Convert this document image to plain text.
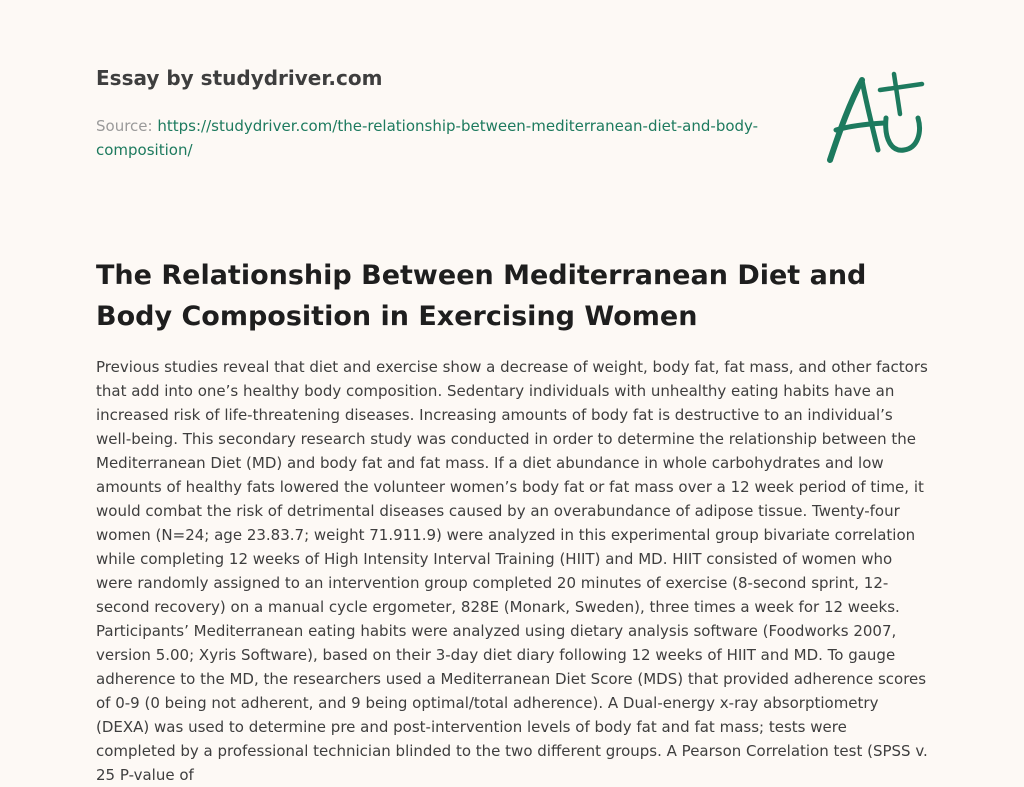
Essay by studydriver.com
Source: https://studydriver.com/the-relationship-between-mediterranean-diet-and-body-composition/
The Relationship Between Mediterranean Diet and Body Composition in Exercising Women

Previous studies reveal that diet and exercise show a decrease of weight, body fat, fat mass, and other factors that add into one’s healthy body composition. Sedentary individuals with unhealthy eating habits have an increased risk of life-threatening diseases. Increasing amounts of body fat is destructive to an individual’s well-being. This secondary research study was conducted in order to determine the relationship between the Mediterranean Diet (MD) and body fat and fat mass. If a diet abundance in whole carbohydrates and low amounts of healthy fats lowered the volunteer women’s body fat or fat mass over a 12 week period of time, it would combat the risk of detrimental diseases caused by an overabundance of adipose tissue. Twenty-four women (N=24; age 23.83.7; weight 71.911.9) were analyzed in this experimental group bivariate correlation while completing 12 weeks of High Intensity Interval Training (HIIT) and MD. HIIT consisted of women who were randomly assigned to an intervention group completed 20 minutes of exercise (8-second sprint, 12-second recovery) on a manual cycle ergometer, 828E (Monark, Sweden), three times a week for 12 weeks. Participants’ Mediterranean eating habits were analyzed using dietary analysis software (Foodworks 2007, version 5.00; Xyris Software), based on their 3-day diet diary following 12 weeks of HIIT and MD. To gauge adherence to the MD, the researchers used a Mediterranean Diet Score (MDS) that provided adherence scores of 0-9 (0 being not adherent, and 9 being optimal/total adherence). A Dual-energy x-ray absorptiometry (DEXA) was used to determine pre and post-intervention levels of body fat and fat mass; tests were completed by a professional technician blinded to the two different groups. A Pearson Correlation test (SPSS v. 25 P-value of
